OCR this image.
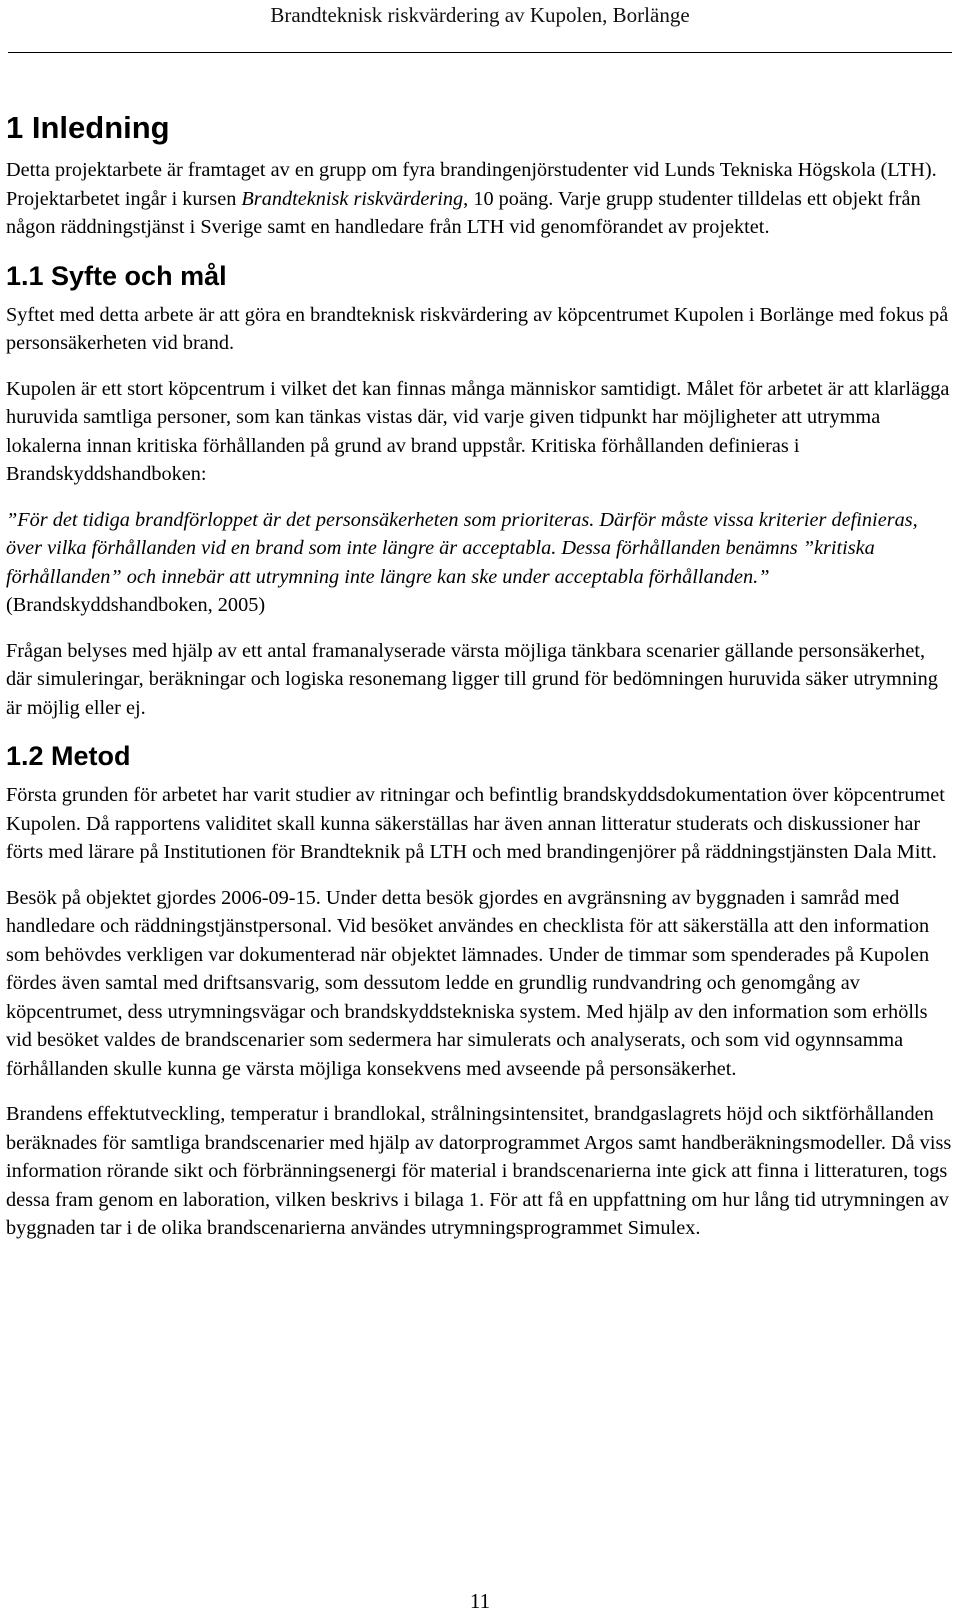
Brandteknisk riskvärdering av Kupolen, Borlänge
1 Inledning

Detta projektarbete är framtaget av en grupp om fyra brandingenjörstudenter vid Lunds Tekniska Högskola (LTH). Projektarbetet ingår i kursen Brandteknisk riskvärdering, 10 poäng. Varje grupp studenter tilldelas ett objekt från någon räddningstjänst i Sverige samt en handledare från LTH vid genomförandet av projektet.

1.1 Syfte och mål

Syftet med detta arbete är att göra en brandteknisk riskvärdering av köpcentrumet Kupolen i Borlänge med fokus på personsäkerheten vid brand.

Kupolen är ett stort köpcentrum i vilket det kan finnas många människor samtidigt. Målet för arbetet är att klarlägga huruvida samtliga personer, som kan tänkas vistas där, vid varje given tidpunkt har möjligheter att utrymma lokalerna innan kritiska förhållanden på grund av brand uppstår. Kritiska förhållanden definieras i Brandskyddshandboken:

”För det tidiga brandförloppet är det personsäkerheten som prioriteras. Därför måste vissa kriterier definieras, över vilka förhållanden vid en brand som inte längre är acceptabla. Dessa förhållanden benämns ”kritiska förhållanden” och innebär att utrymning inte längre kan ske under acceptabla förhållanden.” (Brandskyddshandboken, 2005)

Frågan belyses med hjälp av ett antal framanalyserade värsta möjliga tänkbara scenarier gällande personsäkerhet, där simuleringar, beräkningar och logiska resonemang ligger till grund för bedömningen huruvida säker utrymning är möjlig eller ej.

1.2 Metod

Första grunden för arbetet har varit studier av ritningar och befintlig brandskyddsdokumentation över köpcentrumet Kupolen. Då rapportens validitet skall kunna säkerställas har även annan litteratur studerats och diskussioner har förts med lärare på Institutionen för Brandteknik på LTH och med brandingenjörer på räddningstjänsten Dala Mitt.

Besök på objektet gjordes 2006-09-15. Under detta besök gjordes en avgränsning av byggnaden i samråd med handledare och räddningstjänstpersonal. Vid besöket användes en checklista för att säkerställa att den information som behövdes verkligen var dokumenterad när objektet lämnades. Under de timmar som spenderades på Kupolen fördes även samtal med driftsansvarig, som dessutom ledde en grundlig rundvandring och genomgång av köpcentrumet, dess utrymningsvägar och brandskyddstekniska system. Med hjälp av den information som erhölls vid besöket valdes de brandscenarier som sedermera har simulerats och analyserats, och som vid ogynnsamma förhållanden skulle kunna ge värsta möjliga konsekvens med avseende på personsäkerhet.

Brandens effektutveckling, temperatur i brandlokal, strålningsintensitet, brandgaslagrets höjd och siktförhållanden beräknades för samtliga brandscenarier med hjälp av datorprogrammet Argos samt handberäkningsmodeller. Då viss information rörande sikt och förbränningsenergi för material i brandscenarierna inte gick att finna i litteraturen, togs dessa fram genom en laboration, vilken beskrivs i bilaga 1. För att få en uppfattning om hur lång tid utrymningen av byggnaden tar i de olika brandscenarierna användes utrymningsprogrammet Simulex.

11
